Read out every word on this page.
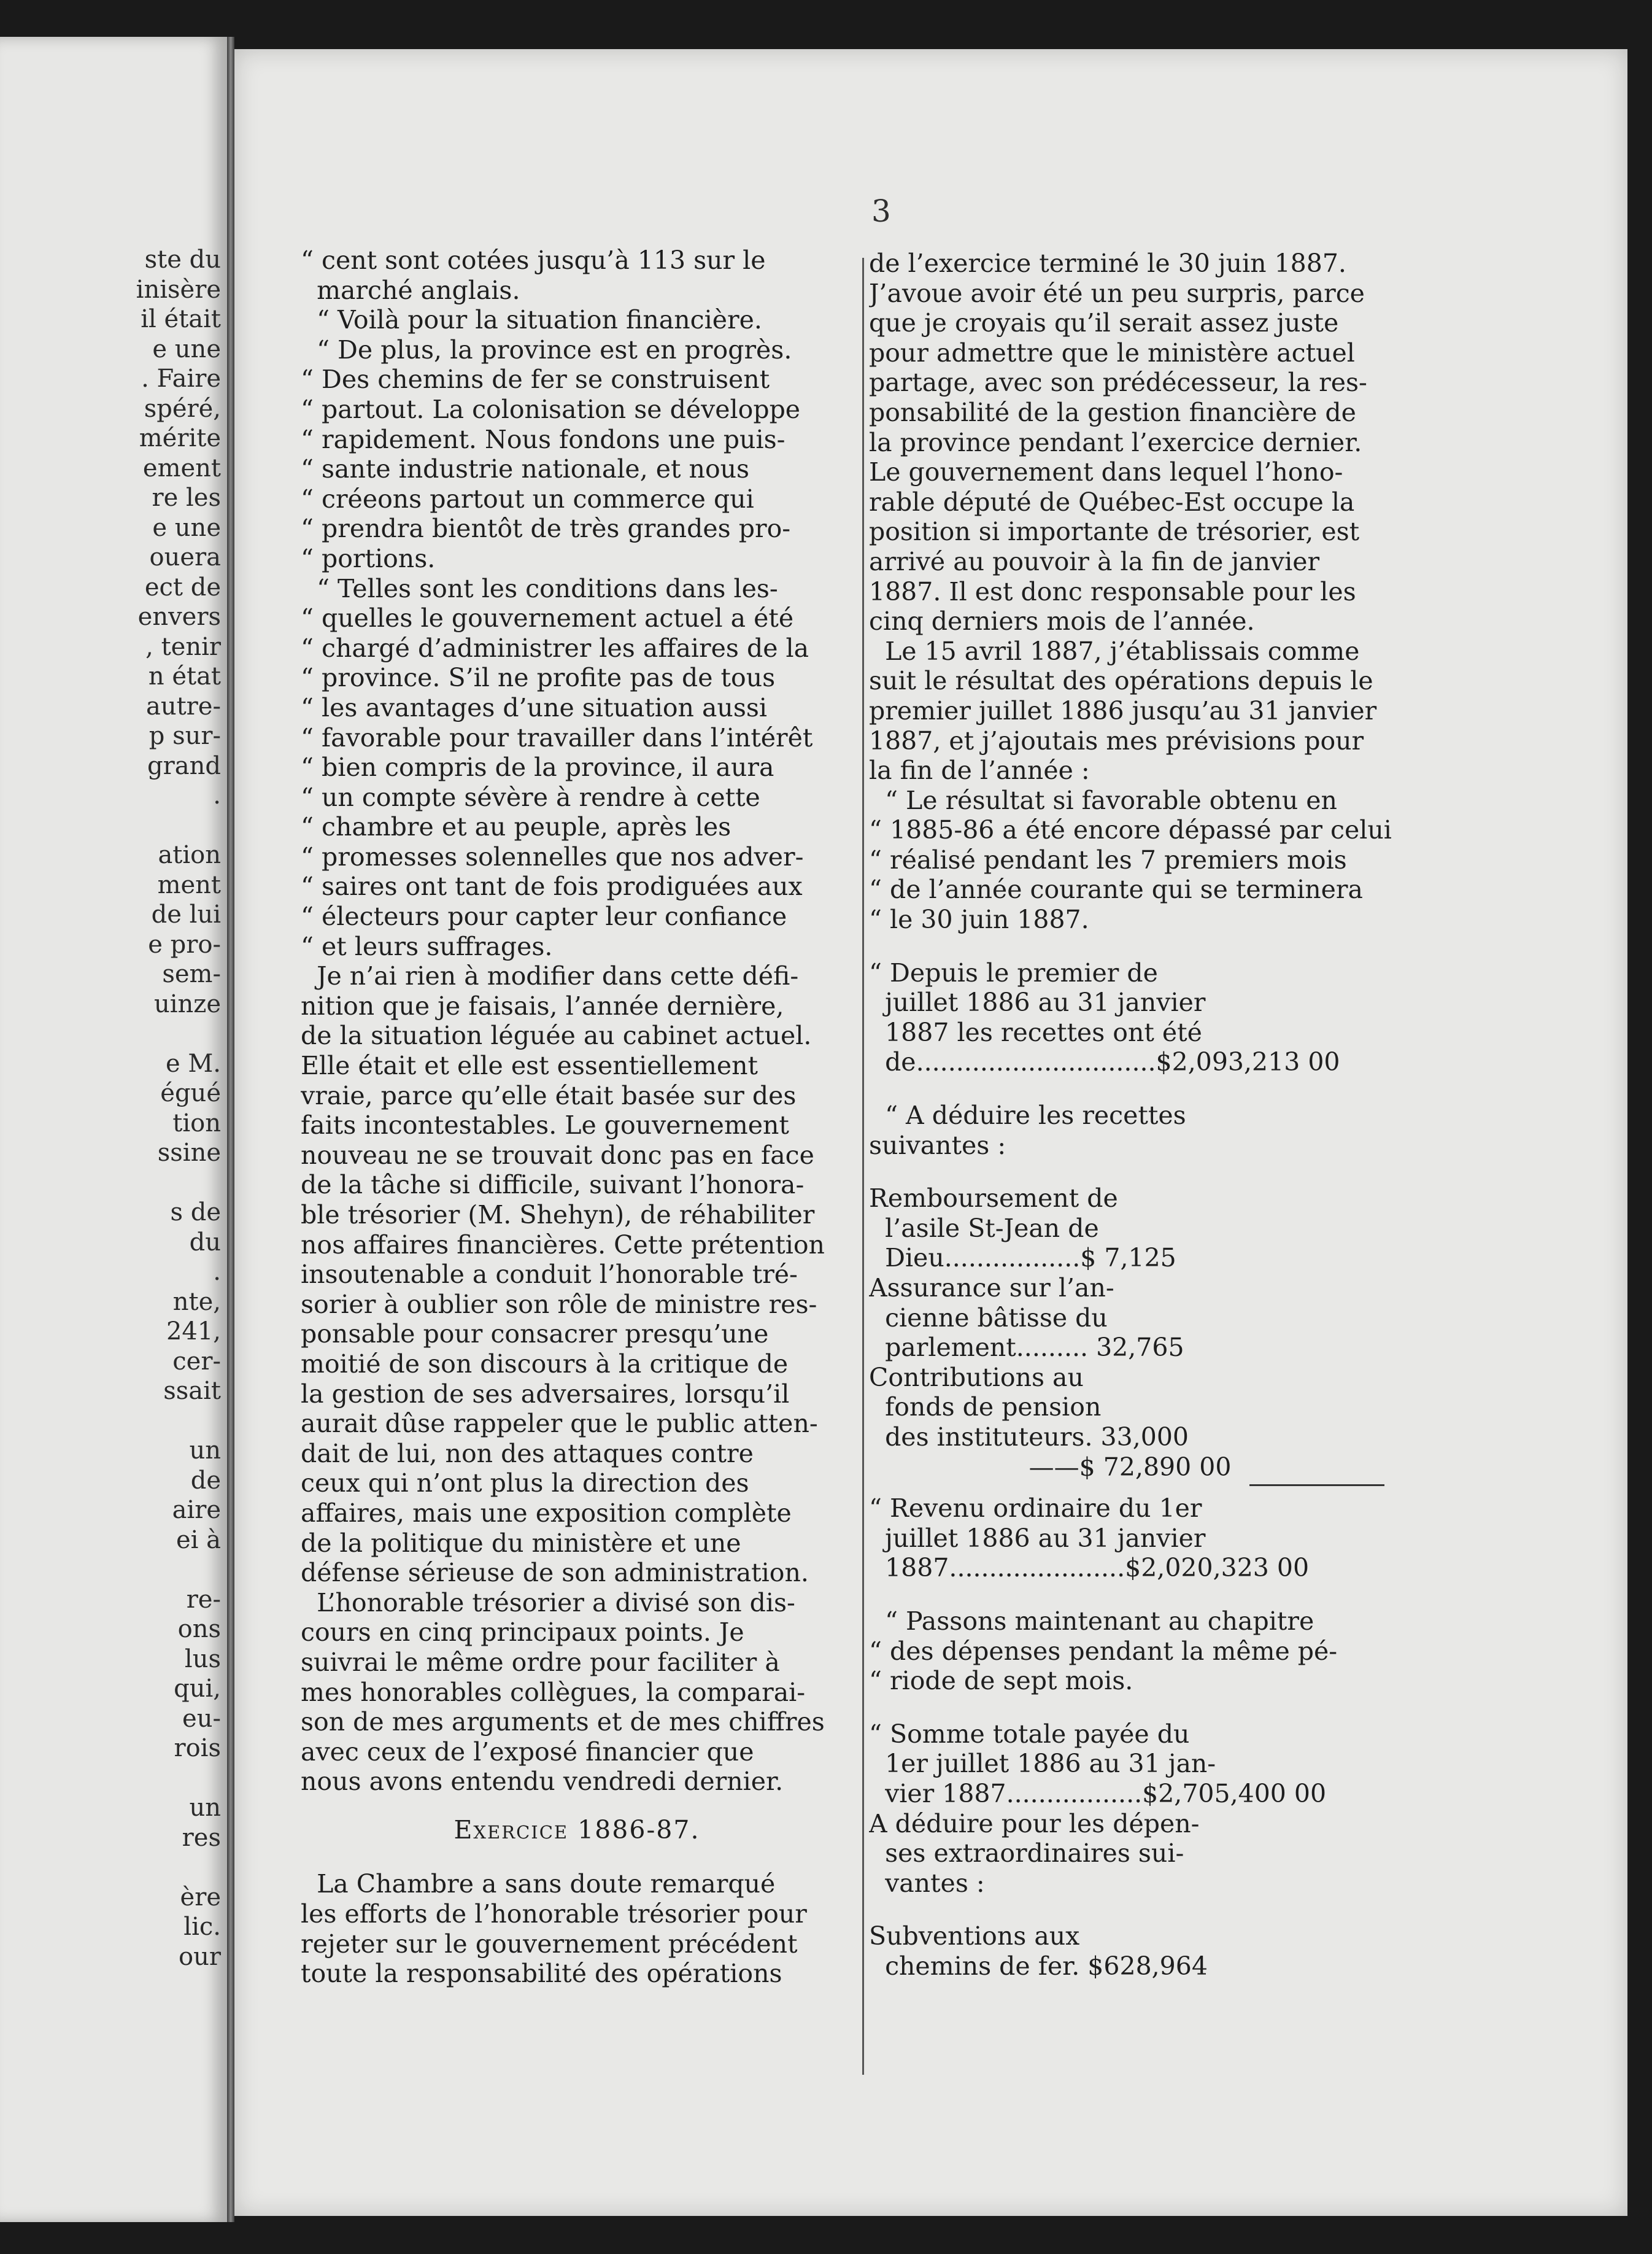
ste du
inisère
il était
e une
. Faire
spéré,
mérite
ement
re les
e une
ouera
ect de
envers
, tenir
n état
autre-
p sur-
grand
.
ation
ment
de lui
e pro-
sem-
uinze
e M.
égué
tion
ssine
s de
du
.
nte,
241,
cer-
ssait
un
de
aire
ei à
re-
ons
lus
qui,
eu-
rois
un
res
ère
lic.
our
3
“ cent sont cotées jusqu’à 113 sur le
marché anglais.
“ Voilà pour la situation financière.
“ De plus, la province est en progrès.
“ Des chemins de fer se construisent
“ partout. La colonisation se développe
“ rapidement. Nous fondons une puis-
“ sante industrie nationale, et nous
“ créeons partout un commerce qui
“ prendra bientôt de très grandes pro-
“ portions.
“ Telles sont les conditions dans les-
“ quelles le gouvernement actuel a été
“ chargé d’administrer les affaires de la
“ province. S’il ne profite pas de tous
“ les avantages d’une situation aussi
“ favorable pour travailler dans l’intérêt
“ bien compris de la province, il aura
“ un compte sévère à rendre à cette
“ chambre et au peuple, après les
“ promesses solennelles que nos adver-
“ saires ont tant de fois prodiguées aux
“ électeurs pour capter leur confiance
“ et leurs suffrages.
Je n’ai rien à modifier dans cette défi-
nition que je faisais, l’année dernière,
de la situation léguée au cabinet actuel.
Elle était et elle est essentiellement
vraie, parce qu’elle était basée sur des
faits incontestables. Le gouvernement
nouveau ne se trouvait donc pas en face
de la tâche si difficile, suivant l’honora-
ble trésorier (M. Shehyn), de réhabiliter
nos affaires financières. Cette prétention
insoutenable a conduit l’honorable tré-
sorier à oublier son rôle de ministre res-
ponsable pour consacrer presqu’une
moitié de son discours à la critique de
la gestion de ses adversaires, lorsqu’il
aurait dûse rappeler que le public atten-
dait de lui, non des attaques contre
ceux qui n’ont plus la direction des
affaires, mais une exposition complète
de la politique du ministère et une
défense sérieuse de son administration.
L’honorable trésorier a divisé son dis-
cours en cinq principaux points. Je
suivrai le même ordre pour faciliter à
mes honorables collègues, la comparai-
son de mes arguments et de mes chiffres
avec ceux de l’exposé financier que
nous avons entendu vendredi dernier.
Exercice 1886-87.
La Chambre a sans doute remarqué
les efforts de l’honorable trésorier pour
rejeter sur le gouvernement précédent
toute la responsabilité des opérations
de l’exercice terminé le 30 juin 1887.
J’avoue avoir été un peu surpris, parce
que je croyais qu’il serait assez juste
pour admettre que le ministère actuel
partage, avec son prédécesseur, la res-
ponsabilité de la gestion financière de
la province pendant l’exercice dernier.
Le gouvernement dans lequel l’hono-
rable député de Québec-Est occupe la
position si importante de trésorier, est
arrivé au pouvoir à la fin de janvier
1887. Il est donc responsable pour les
cinq derniers mois de l’année.
Le 15 avril 1887, j’établissais comme
suit le résultat des opérations depuis le
premier juillet 1886 jusqu’au 31 janvier
1887, et j’ajoutais mes prévisions pour
la fin de l’année :
“ Le résultat si favorable obtenu en
“ 1885-86 a été encore dépassé par celui
“ réalisé pendant les 7 premiers mois
“ de l’année courante qui se terminera
“ le 30 juin 1887.
“ Depuis le premier de
juillet 1886 au 31 janvier
1887 les recettes ont été
de..............................$2,093,213 00
“ A déduire les recettes
suivantes :
Remboursement de
l’asile St-Jean de
Dieu.................$ 7,125
Assurance sur l’an-
cienne bâtisse du
parlement......... 32,765
Contributions au
fonds de pension
des instituteurs. 33,000
——$ 72,890 00
“ Revenu ordinaire du 1er
juillet 1886 au 31 janvier
1887......................$2,020,323 00
“ Passons maintenant au chapitre
“ des dépenses pendant la même pé-
“ riode de sept mois.
“ Somme totale payée du
1er juillet 1886 au 31 jan-
vier 1887.................$2,705,400 00
A déduire pour les dépen-
ses extraordinaires sui-
vantes :
Subventions aux
chemins de fer. $628,964
